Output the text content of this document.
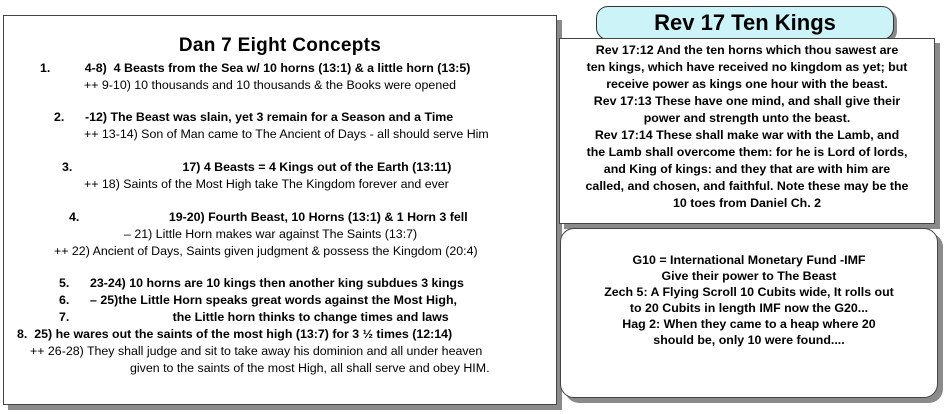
Dan 7 Eight Concepts
1.          4-8)  4 Beasts from the Sea w/ 10 horns (13:1) & a little horn (13:5)
++ 9-10) 10 thousands and 10 thousands & the Books were opened
2.      -12) The Beast was slain, yet 3 remain for a Season and a Time
++ 13-14) Son of Man came to The Ancient of Days - all should serve Him
3.                                17) 4 Beasts = 4 Kings out of the Earth (13:11)
++ 18) Saints of the Most High take The Kingdom forever and ever
4.                          19-20) Fourth Beast, 10 Horns (13:1) & 1 Horn 3 fell
– 21) Little Horn makes war against The Saints (13:7)
++ 22) Ancient of Days, Saints given judgment & possess the Kingdom (20:4)
5.      23-24) 10 horns are 10 kings then another king subdues 3 kings
6.      – 25)the Little Horn speaks great words against the Most High,
7.                              the Little horn thinks to change times and laws
8.  25) he wares out the saints of the most high (13:7) for 3 ½ times (12:14)
++ 26-28) They shall judge and sit to take away his dominion and all under heaven
given to the saints of the most High, all shall serve and obey HIM.
Rev 17 Ten Kings
Rev 17:12 And the ten horns which thou sawest are
ten kings, which have received no kingdom as yet; but
receive power as kings one hour with the beast.
Rev 17:13 These have one mind, and shall give their
power and strength unto the beast.
Rev 17:14 These shall make war with the Lamb, and
the Lamb shall overcome them: for he is Lord of lords,
and King of kings: and they that are with him are
called, and chosen, and faithful. Note these may be the
10 toes from Daniel Ch. 2
G10 = International Monetary Fund -IMF
Give their power to The Beast
Zech 5: A Flying Scroll 10 Cubits wide, It rolls out
to 20 Cubits in length IMF now the G20...
Hag 2: When they came to a heap where 20
should be, only 10 were found....
